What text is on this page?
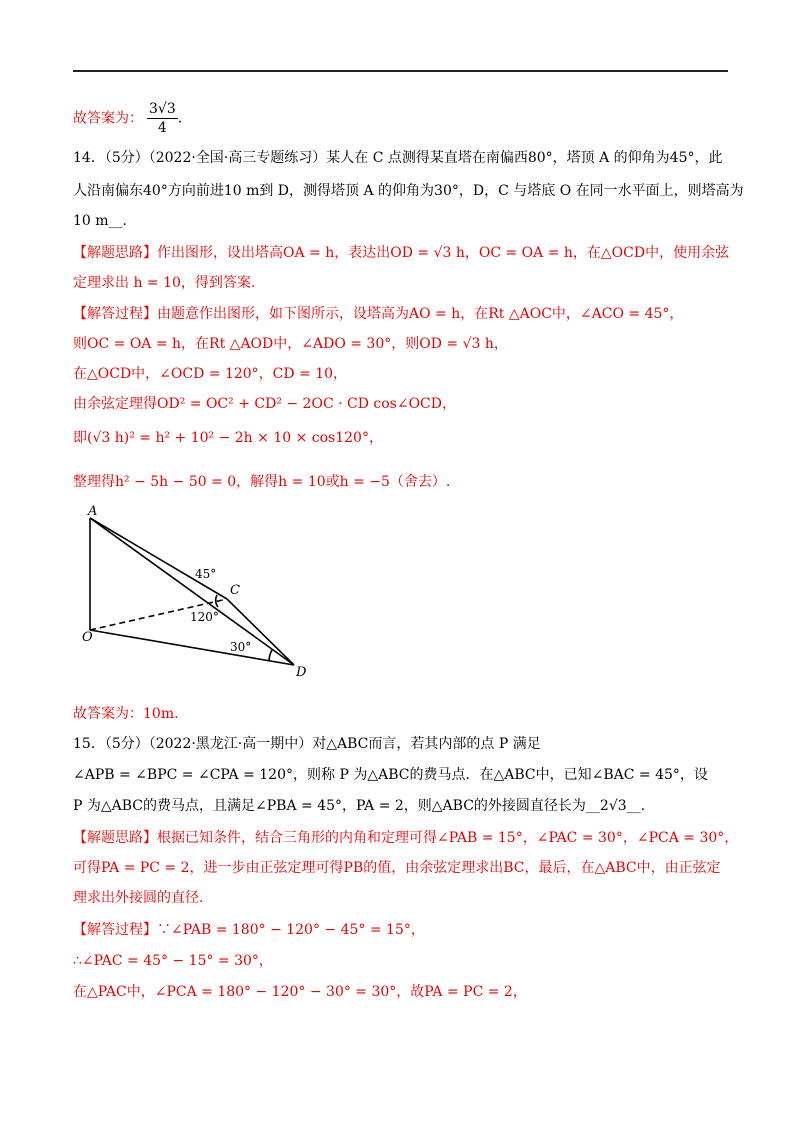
故答案为： $\frac{3√3}{4}$ .
14．（5分）（2022·全国·高三专题练习）某人在 C 点测得某直塔在南偏西80°，塔顶 A 的仰角为45°，此
人沿南偏东40°方向前进10 m到 D，测得塔顶 A 的仰角为30°，D，C 与塔底 O 在同一水平面上，则塔高为
10 m__.
【解题思路】作出图形，设出塔高OA = h，表达出OD = √3 h，OC = OA = h，在△OCD中，使用余弦
定理求出 h = 10，得到答案.
【解答过程】由题意作出图形，如下图所示，设塔高为AO = h，在Rt △AOC中，∠ACO = 45°，
则OC = OA = h，在Rt △AOD中，∠ADO = 30°，则OD = √3 h，
在△OCD中，∠OCD = 120°，CD = 10，
由余弦定理得OD² = OC² + CD² − 2OC · CD cos∠OCD，
即(√3 h)² = h² + 10² − 2h × 10 × cos120°，
整理得h² − 5h − 50 = 0，解得h = 10或h = −5（舍去）.
A
C
O
D
45°
120°
30°
故答案为：10m.
15．（5分）（2022·黑龙江·高一期中）对△ABC而言，若其内部的点 P 满足
∠APB = ∠BPC = ∠CPA = 120°，则称 P 为△ABC的费马点．在△ABC中，已知∠BAC = 45°，设
P 为△ABC的费马点，且满足∠PBA = 45°，PA = 2，则△ABC的外接圆直径长为__2√3__.
【解题思路】根据已知条件，结合三角形的内角和定理可得∠PAB = 15°，∠PAC = 30°，∠PCA = 30°，
可得PA = PC = 2，进一步由正弦定理可得PB的值，由余弦定理求出BC，最后，在△ABC中，由正弦定
理求出外接圆的直径.
【解答过程】∵∠PAB = 180° − 120° − 45° = 15°，
∴∠PAC = 45° − 15° = 30°，
在△PAC中，∠PCA = 180° − 120° − 30° = 30°，故PA = PC = 2，
